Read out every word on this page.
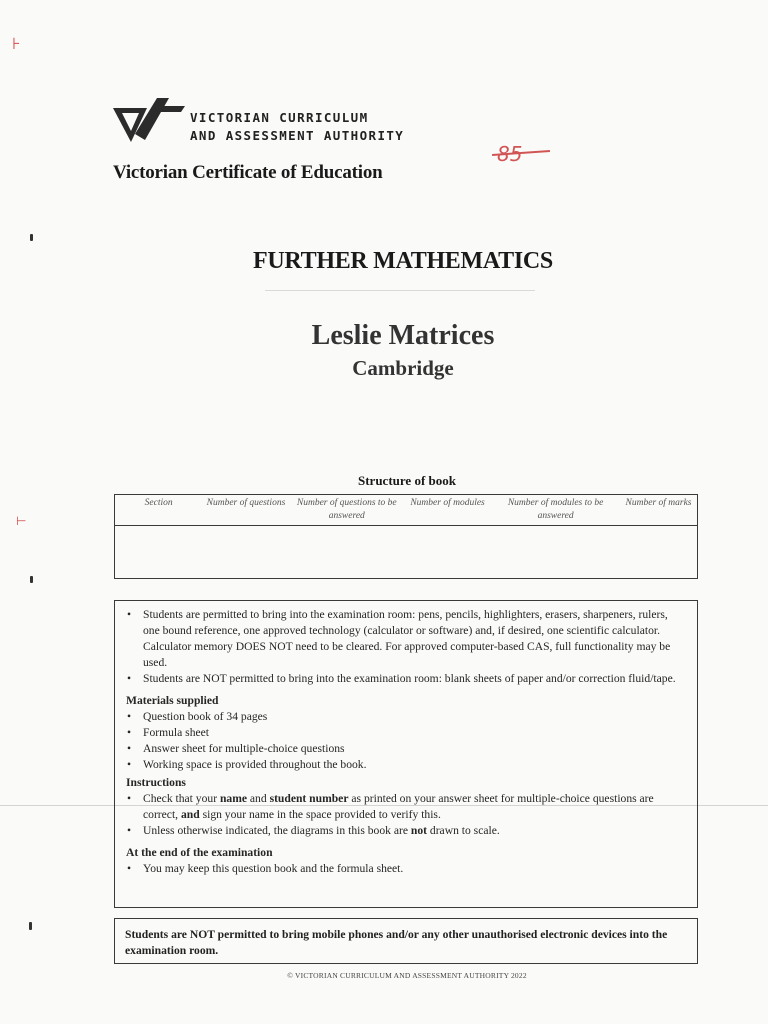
⊦
⊢
VICTORIAN CURRICULUM
AND ASSESSMENT AUTHORITY
Victorian Certificate of Education
85
FURTHER MATHEMATICS
Leslie Matrices
Cambridge
Structure of book
Section	Number of questions	Number of questions to be answered	Number of modules	Number of modules to be answered	Number of marks

• Students are permitted to bring into the examination room: pens, pencils, highlighters, erasers, sharpeners, rulers, one bound reference, one approved technology (calculator or software) and, if desired, one scientific calculator. Calculator memory DOES NOT need to be cleared. For approved computer-based CAS, full functionality may be used.
• Students are NOT permitted to bring into the examination room: blank sheets of paper and/or correction fluid/tape.
Materials supplied
• Question book of 34 pages
• Formula sheet
• Answer sheet for multiple-choice questions
• Working space is provided throughout the book.
Instructions
• Check that your name and student number as printed on your answer sheet for multiple-choice questions are correct, and sign your name in the space provided to verify this.
• Unless otherwise indicated, the diagrams in this book are not drawn to scale.
At the end of the examination
• You may keep this question book and the formula sheet.
Students are NOT permitted to bring mobile phones and/or any other unauthorised electronic devices into the examination room.
© VICTORIAN CURRICULUM AND ASSESSMENT AUTHORITY 2022
